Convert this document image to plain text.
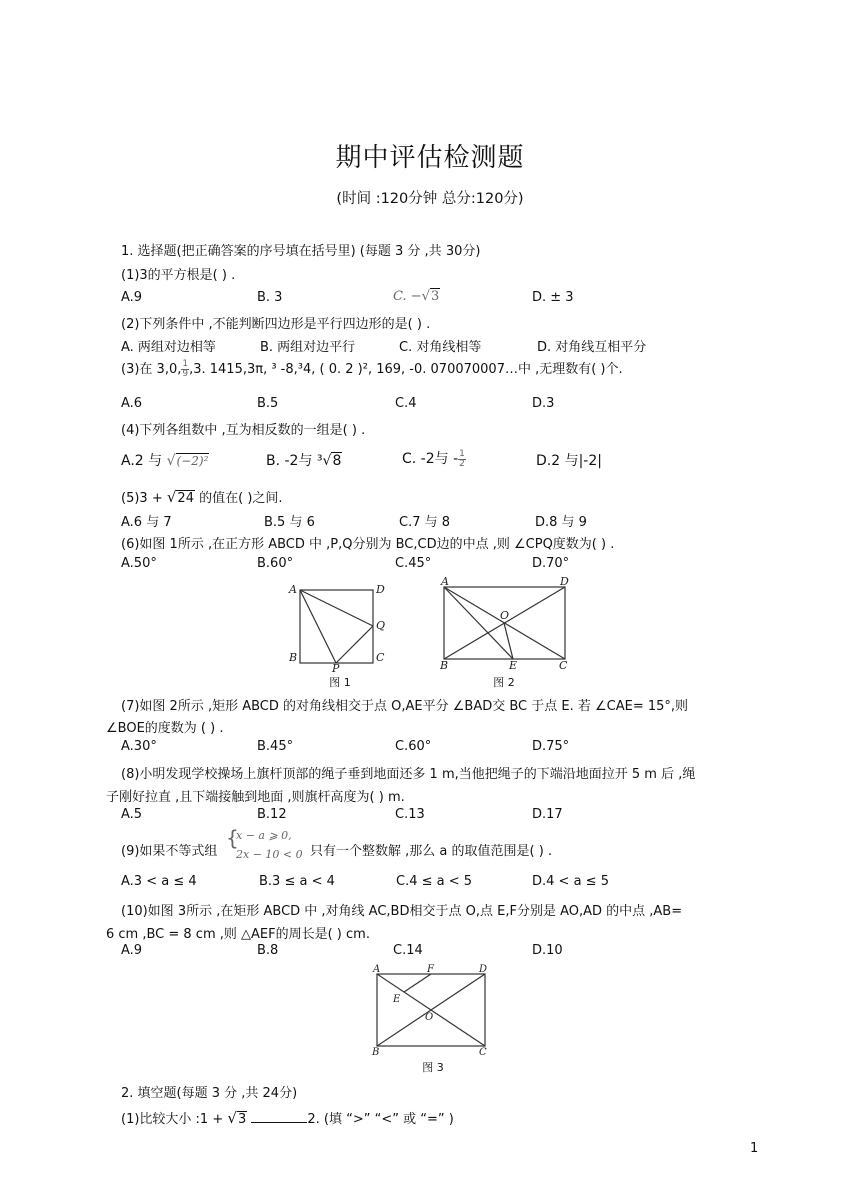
期中评估检测题
(时间 :120分钟 总分:120分)
1. 选择题(把正确答案的序号填在括号里) (每题 3 分 ,共 30分)
(1)3的平方根是( ) .
A.9	B. 3	C. −√3	D. ± 3
(2)下列条件中 ,不能判断四边形是平行四边形的是( ) .
A. 两组对边相等	B. 两组对边平行	C. 对角线相等	D. 对角线互相平分
(3)在 3,0, $\frac{1}{9} ,3$. 1415,3π, ³ -8,³4, ( 0. 2 )², 169, -0. 070070007…中 ,无理数有( )个.
A.6	B.5	C.4	D.3
(4)下列各组数中 ,互为相反数的一组是( ) .
A.2 与 √(−2)²	B. -2与 ³√8	C. -2与 - $\frac{1}{2}$	D.2 与|-2|
(5)3 + √24 的值在( )之间.
A.6 与 7	B.5 与 6	C.7 与 8	D.8 与 9
(6)如图 1所示 ,在正方形 ABCD 中 ,P,Q分别为 BC,CD边的中点 ,则 ∠CPQ度数为( ) .
A.50°	B.60°	C.45°	D.70°
A	D
B	C
P
Q
图 1
A	D
B	C
E
O
图 2
(7)如图 2所示 ,矩形 ABCD 的对角线相交于点 O,AE平分 ∠BAD交 BC 于点 E. 若 ∠CAE= 15°,则
∠BOE的度数为 ( ) .
A.30°	B.45°	C.60°	D.75°
(8)小明发现学校操场上旗杆顶部的绳子垂到地面还多 1 m,当他把绳子的下端沿地面拉开 5 m 后 ,绳
子刚好拉直 ,且下端接触到地面 ,则旗杆高度为( ) m.
A.5	B.12	C.13	D.17
(9)如果不等式组
{
x − a ⩾ 0,
2x − 10 < 0 只有一个整数解 ,那么 a 的取值范围是( ) .
A.3 < a ≤ 4	B.3 ≤ a < 4	C.4 ≤ a < 5	D.4 < a ≤ 5
(10)如图 3所示 ,在矩形 ABCD 中 ,对角线 AC,BD相交于点 O,点 E,F分别是 AO,AD 的中点 ,AB=
6 cm ,BC = 8 cm ,则 △AEF的周长是( ) cm.
A.9	B.8	C.14	D.10
A	F	D
E
O
B	C
图 3
2. 填空题(每题 3 分 ,共 24分)
(1)比较大小 :1 + √3	2. (填 “>” “<” 或 “=” )
1
